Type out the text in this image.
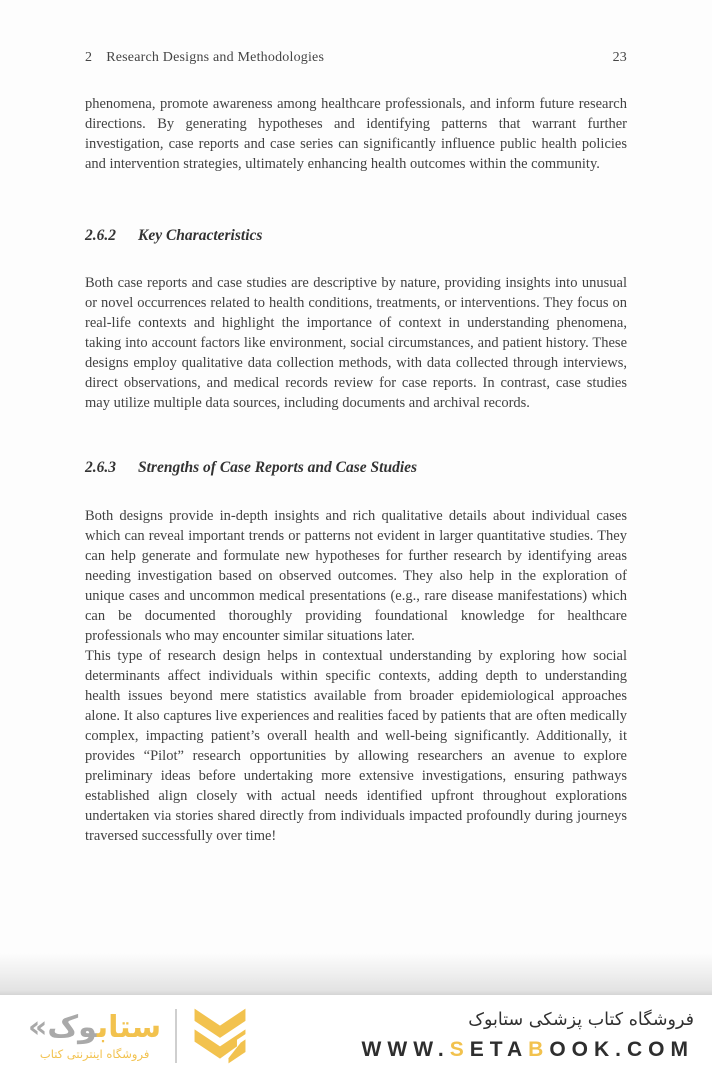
2 Research Designs and Methodologies	23

phenomena, promote awareness among healthcare professionals, and inform future research directions. By generating hypotheses and identifying patterns that warrant further investigation, case reports and case series can significantly influence public health policies and intervention strategies, ultimately enhancing health outcomes within the community.

2.6.2 Key Characteristics

Both case reports and case studies are descriptive by nature, providing insights into unusual or novel occurrences related to health conditions, treatments, or interventions. They focus on real-life contexts and highlight the importance of context in understanding phenomena, taking into account factors like environment, social circumstances, and patient history. These designs employ qualitative data collection methods, with data collected through interviews, direct observations, and medical records review for case reports. In contrast, case studies may utilize multiple data sources, including documents and archival records.

2.6.3 Strengths of Case Reports and Case Studies

Both designs provide in-depth insights and rich qualitative details about individual cases which can reveal important trends or patterns not evident in larger quantitative studies. They can help generate and formulate new hypotheses for further research by identifying areas needing investigation based on observed outcomes. They also help in the exploration of unique cases and uncommon medical presentations (e.g., rare disease manifestations) which can be documented thoroughly providing foundational knowledge for healthcare professionals who may encounter similar situations later.

This type of research design helps in contextual understanding by exploring how social determinants affect individuals within specific contexts, adding depth to understanding health issues beyond mere statistics available from broader epidemiological approaches alone. It also captures live experiences and realities faced by patients that are often medically complex, impacting patient’s overall health and well-being significantly. Additionally, it provides “Pilot” research opportunities by allowing researchers an avenue to explore preliminary ideas before undertaking more extensive investigations, ensuring pathways established align closely with actual needs identified upfront throughout explorations undertaken via stories shared directly from individuals impacted profoundly during journeys traversed successfully over time!

ستابوک»
فروشگاه اینترنتی کتاب
فروشگاه کتاب پزشکی ستابوک
WWW.SETABOOK.COM
